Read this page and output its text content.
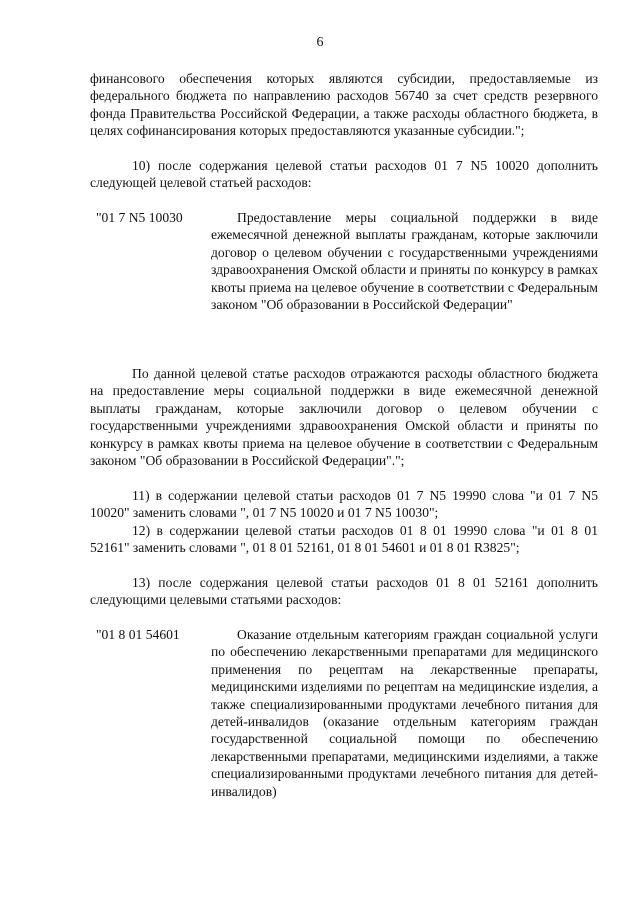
6

финансового обеспечения которых являются субсидии, предоставляемые из федерального бюджета по направлению расходов 56740 за счет средств резервного фонда Правительства Российской Федерации, а также расходы областного бюджета, в целях софинансирования которых предоставляются указанные субсидии.";

10) после содержания целевой статьи расходов 01 7 N5 10020 дополнить следующей целевой статьей расходов:

"01 7 N5 10030	Предоставление меры социальной поддержки в виде ежемесячной денежной выплаты гражданам, которые заключили договор о целевом обучении с государственными учреждениями здравоохранения Омской области и приняты по конкурсу в рамках квоты приема на целевое обучение в соответствии с Федеральным законом "Об образовании в Российской Федерации"

По данной целевой статье расходов отражаются расходы областного бюджета на предоставление меры социальной поддержки в виде ежемесячной денежной выплаты гражданам, которые заключили договор о целевом обучении с государственными учреждениями здравоохранения Омской области и приняты по конкурсу в рамках квоты приема на целевое обучение в соответствии с Федеральным законом "Об образовании в Российской Федерации".";

11) в содержании целевой статьи расходов 01 7 N5 19990 слова "и 01 7 N5 10020" заменить словами ", 01 7 N5 10020 и 01 7 N5 10030";

12) в содержании целевой статьи расходов 01 8 01 19990 слова "и 01 8 01 52161" заменить словами ", 01 8 01 52161, 01 8 01 54601 и 01 8 01 R3825";

13) после содержания целевой статьи расходов 01 8 01 52161 дополнить следующими целевыми статьями расходов:

"01 8 01 54601	Оказание отдельным категориям граждан социальной услуги по обеспечению лекарственными препаратами для медицинского применения по рецептам на лекарственные препараты, медицинскими изделиями по рецептам на медицинские изделия, а также специализированными продуктами лечебного питания для детей-инвалидов (оказание отдельным категориям граждан государственной социальной помощи по обеспечению лекарственными препаратами, медицинскими изделиями, а также специализированными продуктами лечебного питания для детей-инвалидов)
